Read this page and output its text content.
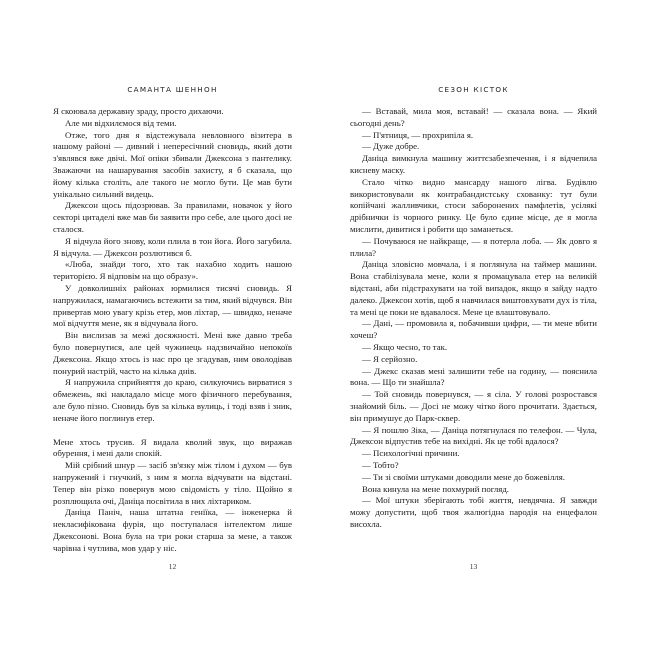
САМАНТА ШЕННОН

Я скоювала державну зраду, просто дихаючи.

Але ми відхилємося від теми.

Отже, того дня я відстежувала невловного візитера в нашому районі — дивний і непересічний сновидь, який доти з'являвся вже двічі. Мої опіки збивали Джексона з пантелику. Зважаючи на нашарування засобів захисту, я б сказала, що йому кілька століть, але такого не могло бути. Це мав бути унікально сильний видець.

Джексон щось підозрював. За правилами, новачок у його секторі цитаделі вже мав би заявити про себе, але цього досі не сталося.

Я відчула його знову, коли плила в тон йога. Його загубила. Я відчула. — Джексон розлютився б.

«Люба, знайди того, хто так нахабно ходить нашою територією. Я відповім на що образу».

У довколишніх районах юрмилися тисячі сновидь. Я напружилася, намагаючись встежити за тим, який відчувся. Він привертав мою увагу крізь етер, мов ліхтар, — швидко, неначе мої відчуття мене, як я відчувала його.

Він вислизав за межі досяжності. Мені вже давно треба було повернутися, але цей чужинець надзвичайно непокоїв Джексона. Якщо хтось із нас про це згадував, ним оволодівав понурий настрій, часто на кілька днів.

Я напружила сприйняття до краю, силкуючись вирватися з обмежень, які накладало місце мого фізичного перебування, але було пізно. Сновидь був за кілька вулиць, і тоді взяв і зник, неначе його поглинув етер.

Мене хтось трусив. Я видала кволий звук, що виражав обурення, і мені дали спокій.

Мій срібний шнур — засіб зв'язку між тілом і духом — був напружений і гнучкий, з ним я могла відчувати на відстані. Тепер він різко повернув мою свідомість у тіло. Щойно я розплющила очі, Даніца посвітила в них ліхтариком.

Даніца Паніч, наша штатна геніїка, — інженерка й некласифікована фурія, що поступалася інтелектом лише Джексонові. Вона була на три роки старша за мене, а також чарівна і чутлива, мов удар у ніс.

12
СЕЗОН КІСТОК

— Вставай, мила моя, вставай! — сказала вона. — Який сьогодні день?

— П'ятниця, — прохрипіла я.

— Дуже добре.

Даніца вимкнула машину життєзабезпечення, і я відчепила кисневу маску.

Стало чітко видно мансарду нашого лігва. Будівлю використовували як контрабандистську схованку: тут були копійчані жалливчики, стоси заборонених памфлетів, усілякі дрібнички із чорного ринку. Це було єдине місце, де я могла мислити, дивитися і робити що заманеться.

— Почуваюся не найкраще, — я потерла лоба. — Як довго я плила?

Даніца зловісно мовчала, і я поглянула на таймер машини. Вона стабілізувала мене, коли я промацувала етер на великій відстані, аби підстрахувати на той випадок, якщо я зайду надто далеко. Джексон хотів, щоб я навчилася виштовхувати дух із тіла, та мені це поки не вдавалося. Мене це влаштовувало.

— Дані, — промовила я, побачивши цифри, — ти мене вбити хочеш?

— Якщо чесно, то так.

— Я серйозно.

— Джекс сказав мені залишити тебе на годину, — пояснила вона. — Що ти знайшла?

— Той сновидь повернувся, — я сіла. У голові розростався знайомий біль. — Досі не можу чітко його прочитати. Здається, він примушує до Парк-сквер.

— Я пошлю Зіка, — Даніца потягнулася по телефон. — Чула, Джексон відпустив тебе на вихідні. Як це тобі вдалося?

— Психологічні причини.

— Тобто?

— Ти зі своїми штуками доводили мене до божевілля.

Вона кинула на мене похмурий погляд.

— Мої штуки зберігають тобі життя, невдячна. Я завжди можу допустити, щоб твоя жалюгідна пародія на енцефалон висохла.

13
